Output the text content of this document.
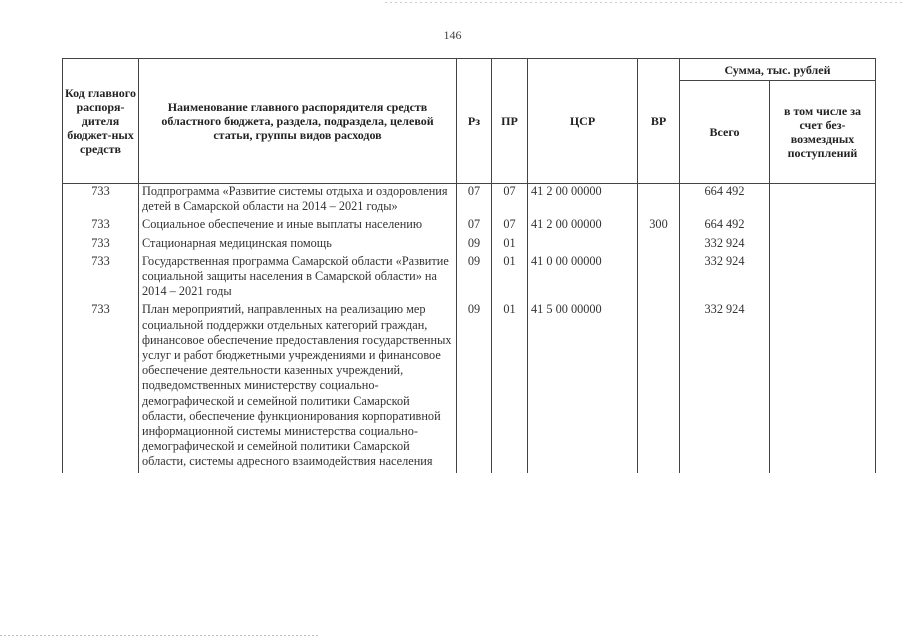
146
Код главного распоря-дителя бюджет-ных средств	Наименование главного распорядителя средств областного бюджета, раздела, подраздела, целевой статьи, группы видов расходов	Рз	ПР	ЦСР	ВР	Сумма, тыс. рублей	
						Всего	в том числе за счет без-возмездных поступлений
733	Подпрограмма «Развитие системы отдыха и оздоровления детей в Самарской области на 2014 – 2021 годы»	07	07	41 2 00 00000		664 492	
733	Социальное обеспечение и иные выплаты населению	07	07	41 2 00 00000	300	664 492	
733	Стационарная медицинская помощь	09	01			332 924	
733	Государственная программа Самарской области «Развитие социальной защиты населения в Самарской области» на 2014 – 2021 годы	09	01	41 0 00 00000		332 924	
733	План мероприятий, направленных на реализацию мер социальной поддержки отдельных категорий граждан, финансовое обеспечение предоставления государственных услуг и работ бюджетными учреждениями и финансовое обеспечение деятельности казенных учреждений, подведомственных министерству социально-демографической и семейной политики Самарской области, обеспечение функционирования корпоративной информационной системы министерства социально-демографической и семейной политики Самарской области, системы адресного взаимодействия населения	09	01	41 5 00 00000		332 924	
